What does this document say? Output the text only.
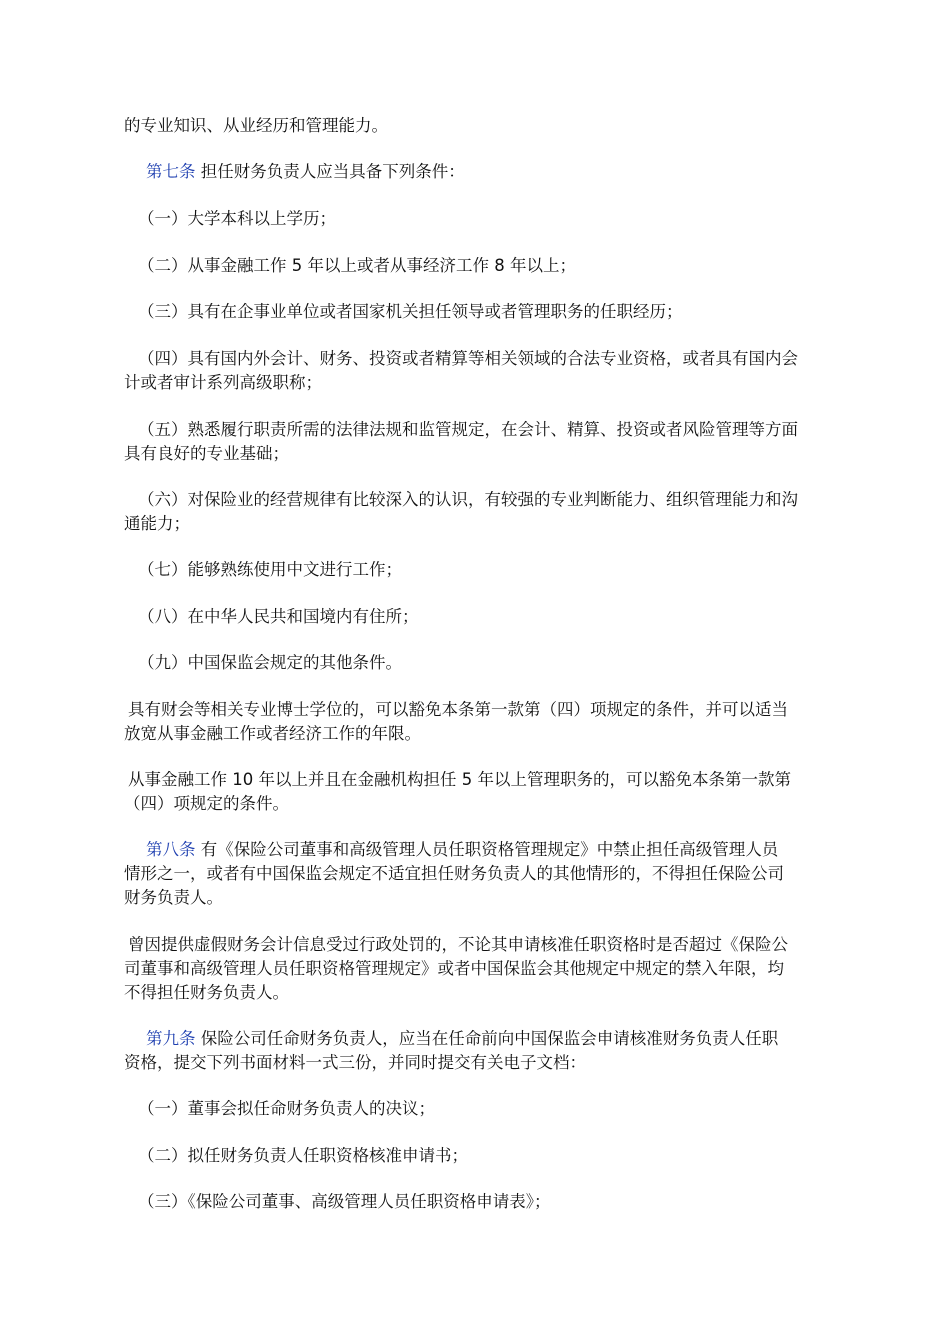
的专业知识、从业经历和管理能力。
第七条 担任财务负责人应当具备下列条件：
（一）大学本科以上学历；
（二）从事金融工作 5 年以上或者从事经济工作 8 年以上；
（三）具有在企事业单位或者国家机关担任领导或者管理职务的任职经历；
（四）具有国内外会计、财务、投资或者精算等相关领域的合法专业资格，或者具有国内会
计或者审计系列高级职称；
（五）熟悉履行职责所需的法律法规和监管规定，在会计、精算、投资或者风险管理等方面
具有良好的专业基础；
（六）对保险业的经营规律有比较深入的认识，有较强的专业判断能力、组织管理能力和沟
通能力；
（七）能够熟练使用中文进行工作；
（八）在中华人民共和国境内有住所；
（九）中国保监会规定的其他条件。
具有财会等相关专业博士学位的，可以豁免本条第一款第（四）项规定的条件，并可以适当
放宽从事金融工作或者经济工作的年限。
从事金融工作 10 年以上并且在金融机构担任 5 年以上管理职务的，可以豁免本条第一款第
（四）项规定的条件。
第八条 有《保险公司董事和高级管理人员任职资格管理规定》中禁止担任高级管理人员
情形之一，或者有中国保监会规定不适宜担任财务负责人的其他情形的，不得担任保险公司
财务负责人。
曾因提供虚假财务会计信息受过行政处罚的，不论其申请核准任职资格时是否超过《保险公
司董事和高级管理人员任职资格管理规定》或者中国保监会其他规定中规定的禁入年限，均
不得担任财务负责人。
第九条 保险公司任命财务负责人，应当在任命前向中国保监会申请核准财务负责人任职
资格，提交下列书面材料一式三份，并同时提交有关电子文档：
（一）董事会拟任命财务负责人的决议；
（二）拟任财务负责人任职资格核准申请书；
（三）《保险公司董事、高级管理人员任职资格申请表》；
